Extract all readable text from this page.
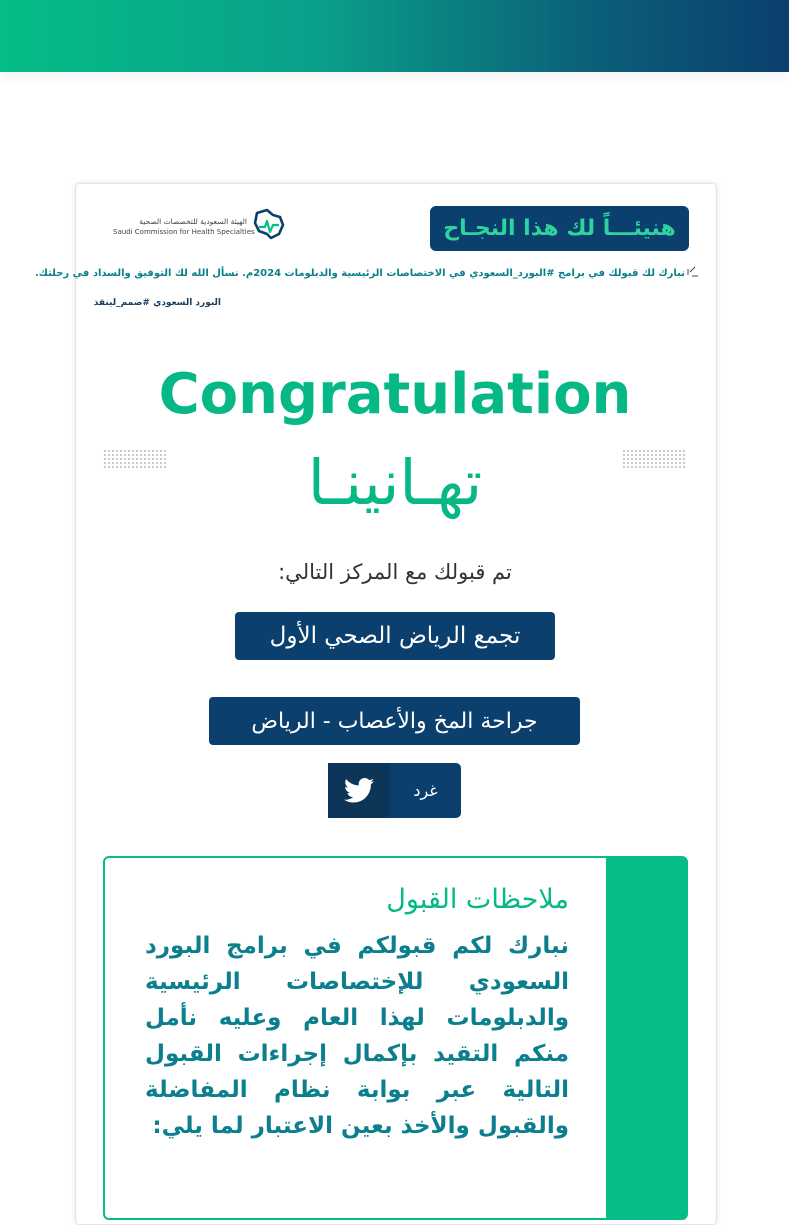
الهيئة السعودية للتخصصات الصحية
Saudi Commission for Health Specialties	هنيئـــاً لك هذا النجـاح
نبارك لك قبولك في برامج #البورد_السعودي في الاختصاصات الرئيسية والدبلومات 2024م. نسأل الله لك التوفيق والسداد في رحلتك.
البورد السعودي #صمم_لينقذ
Congratulation
تهـانينـا
تم قبولك مع المركز التالي:
تجمع الرياض الصحي الأول
جراحة المخ والأعصاب - الرياض
غرد
ملاحظات القبول
نبارك لكم قبولكم في برامج البورد السعودي للإختصاصات الرئيسية والدبلومات لهذا العام وعليه نأمل منكم التقيد بإكمال إجراءات القبول التالية عبر بوابة نظام المفاضلة والقبول والأخذ بعين الاعتبار لما يلي:
